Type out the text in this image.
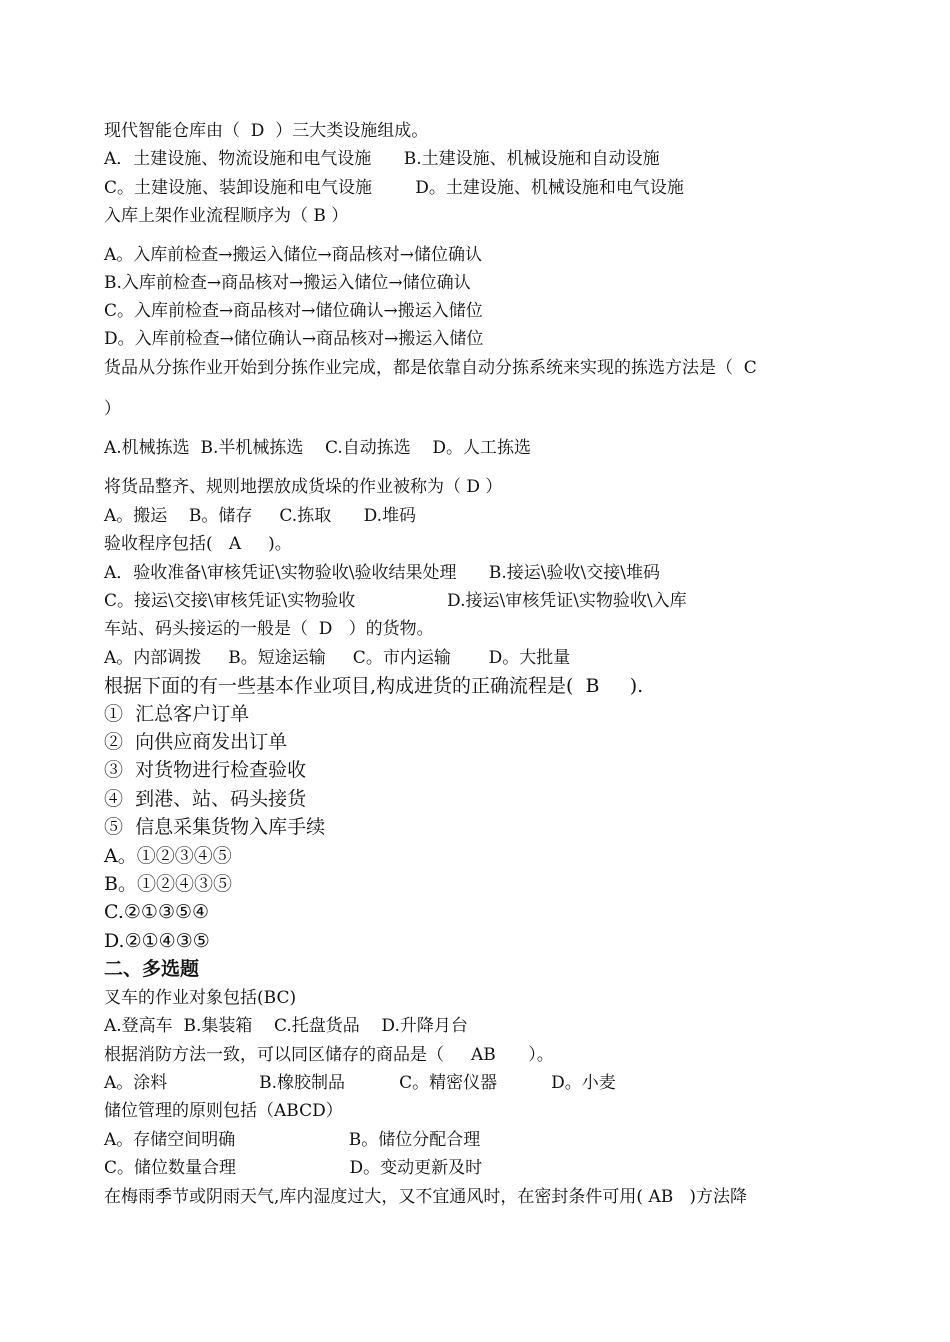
现代智能仓库由（  D  ）三大类设施组成。
A．土建设施、物流设施和电气设施      B.土建设施、机械设施和自动设施
C。土建设施、装卸设施和电气设施        D。土建设施、机械设施和电气设施
入库上架作业流程顺序为（ B ）
A。入库前检查→搬运入储位→商品核对→储位确认
B.入库前检查→商品核对→搬运入储位→储位确认
C。入库前检查→商品核对→储位确认→搬运入储位
D。入库前检查→储位确认→商品核对→搬运入储位
货品从分拣作业开始到分拣作业完成，都是依靠自动分拣系统来实现的拣选方法是（  C
）
A.机械拣选  B.半机械拣选    C.自动拣选    D。人工拣选
将货品整齐、规则地摆放成货垛的作业被称为（ D ）
A。搬运    B。储存     C.拣取      D.堆码
验收程序包括(   A     )。
A．验收准备\审核凭证\实物验收\验收结果处理      B.接运\验收\交接\堆码
C。接运\交接\审核凭证\实物验收                 D.接运\审核凭证\实物验收\入库
车站、码头接运的一般是（  D   ）的货物。
A。内部调拨     B。短途运输     C。市内运输       D。大批量
根据下面的有一些基本作业项目,构成进货的正确流程是(  B     ).
①  汇总客户订单
②  向供应商发出订单
③  对货物进行检查验收
④  到港、站、码头接货
⑤  信息采集货物入库手续
A。①②③④⑤
B。①②④③⑤
C.②①③⑤④
D.②①④③⑤
二、多选题
叉车的作业对象包括(BC)
A.登高车  B.集装箱    C.托盘货品    D.升降月台
根据消防方法一致，可以同区储存的商品是（     AB      ）。
A。涂料                 B.橡胶制品          C。精密仪器          D。小麦
储位管理的原则包括（ABCD）
A。存储空间明确                     B。储位分配合理
C。储位数量合理                     D。变动更新及时
在梅雨季节或阴雨天气,库内湿度过大，又不宜通风时，在密封条件可用( AB   )方法降
